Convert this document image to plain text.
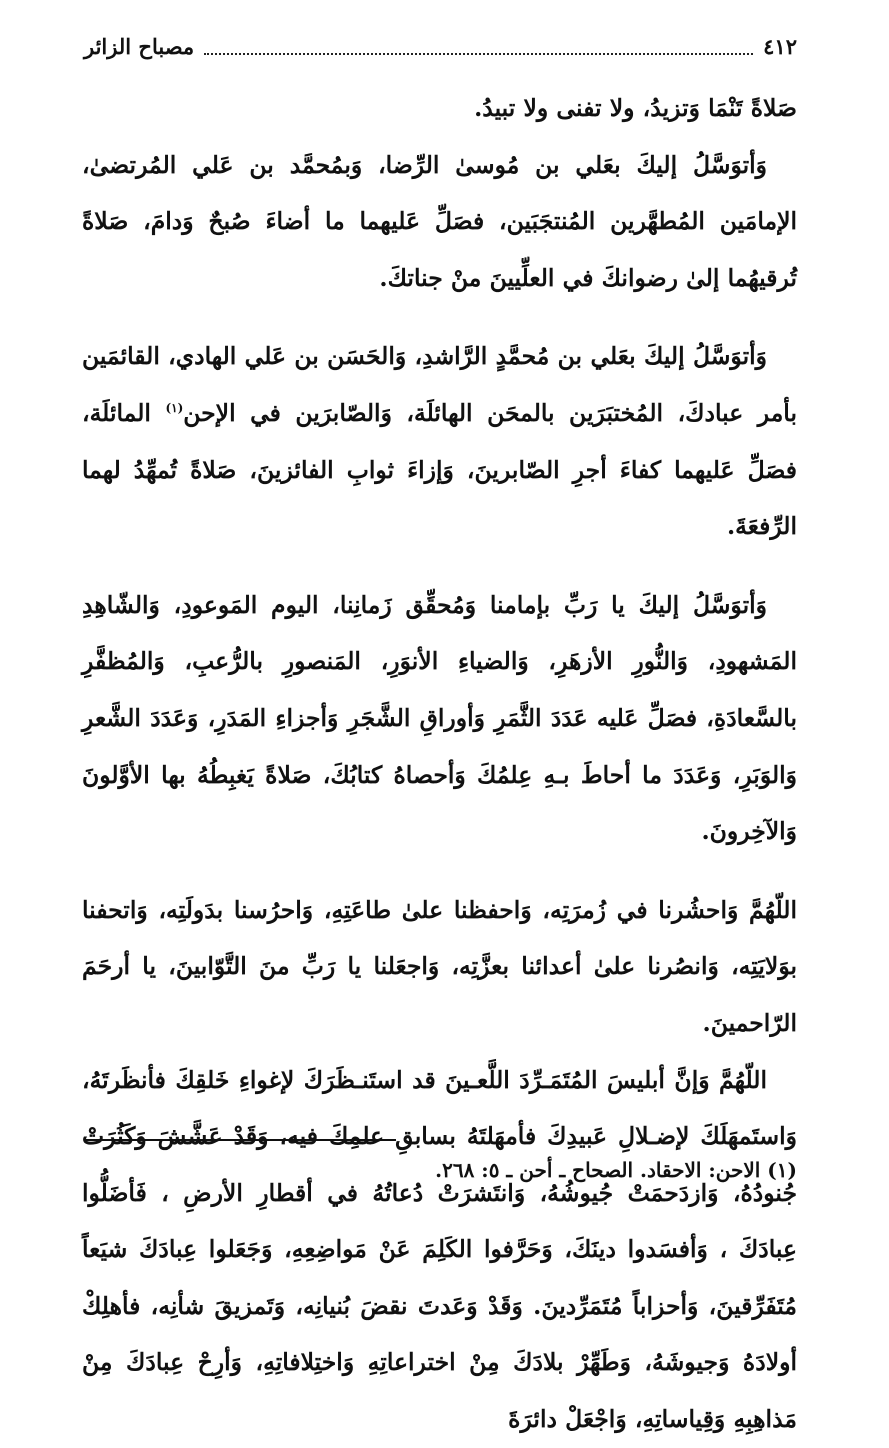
٤١٢
مصباح الزائر

صَلاةً تَنْمَا وَتزيدُ، ولا تفنى ولا تبيدُ.

وَأتوَسَّلُ إليكَ بعَلي بن مُوسىٰ الرِّضا، وَبمُحمَّد بن عَلي المُرتضىٰ، الإمامَين المُطهَّرين المُنتجَبَين، فصَلِّ عَليهما ما أضاءَ صُبحٌ وَدامَ، صَلاةً تُرقيهُما إلىٰ رضوانكَ في العلِّيينَ منْ جناتكَ.

وَأتوَسَّلُ إليكَ بعَلي بن مُحمَّدٍ الرَّاشدِ، وَالحَسَن بن عَلي الهادي، القائمَين بأمر عبادكَ، المُختبَرَين بالمحَن الهائلَة، وَالصّابرَين في الإحن$^{(١)}$ المائلَة، فصَلِّ عَليهما كفاءَ أجرِ الصّابرينَ، وَإزاءَ ثوابِ الفائزينَ، صَلاةً تُمهِّدُ لهما الرِّفعَةَ.

وَأتوَسَّلُ إليكَ يا رَبِّ بإمامنا وَمُحقِّق زَمانِنا، اليوم المَوعودِ، وَالشّاهِدِ المَشهودِ، وَالنُّورِ الأزهَرِ، وَالضياءِ الأنوَرِ، المَنصورِ بالرُّعبِ، وَالمُظفَّرِ بالسَّعادَةِ، فصَلِّ عَليه عَدَدَ الثَّمَرِ وَأوراقِ الشَّجَرِ وَأجزاءِ المَدَرِ، وَعَدَدَ الشَّعرِ وَالوَبَرِ، وَعَدَدَ ما أحاطَ بـهِ عِلمُكَ وَأحصاهُ كتابُكَ، صَلاةً يَغبِطُهُ بها الأوَّلونَ وَالآخِرونَ.

اللّهُمَّ وَاحشُرنا في زُمرَتِه، وَاحفظنا علىٰ طاعَتِهِ، وَاحرُسنا بدَولَتِه، وَاتحفنا بوَلايَتِه، وَانصُرنا علىٰ أعدائنا بعزَّتِه، وَاجعَلنا يا رَبِّ منَ التَّوّابينَ، يا أرحَمَ الرّاحمينَ.

اللّهُمَّ وَإنَّ أبليسَ المُتَمَـرِّدَ اللَّعـينَ قد استَنـظَرَكَ لإغواءِ خَلقِكَ فأنظَرتَهُ، وَاستَمهَلَكَ لإضـلالِ عَبيدِكَ فأمهَلتَهُ بسابقِ علمِكَ فيه، وَقَدْ عَشَّشَ وَكَثُرَتْ جُنودُهُ، وَازدَحمَتْ جُيوشُهُ، وَانتَشرَتْ دُعاتُهُ في أقطارِ الأرضِ ، فَأضَلُّوا عِبادَكَ ، وَأفسَدوا دينَكَ، وَحَرَّفوا الكَلِمَ عَنْ مَواضِعِهِ، وَجَعَلوا عِبادَكَ شيَعاً مُتَفَرِّقينَ، وَأحزاباً مُتَمَرِّدينَ. وَقَدْ وَعَدتَ نقضَ بُنيانِه، وَتَمزيقَ شأنِه، فأهلِكْ أولادَهُ وَجيوشَهُ، وَطَهِّرْ بلادَكَ مِنْ اختراعاتِهِ وَاختِلافاتِهِ، وَأرِحْ عِبادَكَ مِنْ مَذاهِبِهِ وَقِياساتِهِ، وَاجْعَلْ دائرَةَ

(١) الاحن: الاحقاد. الصحاح ـ أحن ـ ٥: ٢٦٨.
